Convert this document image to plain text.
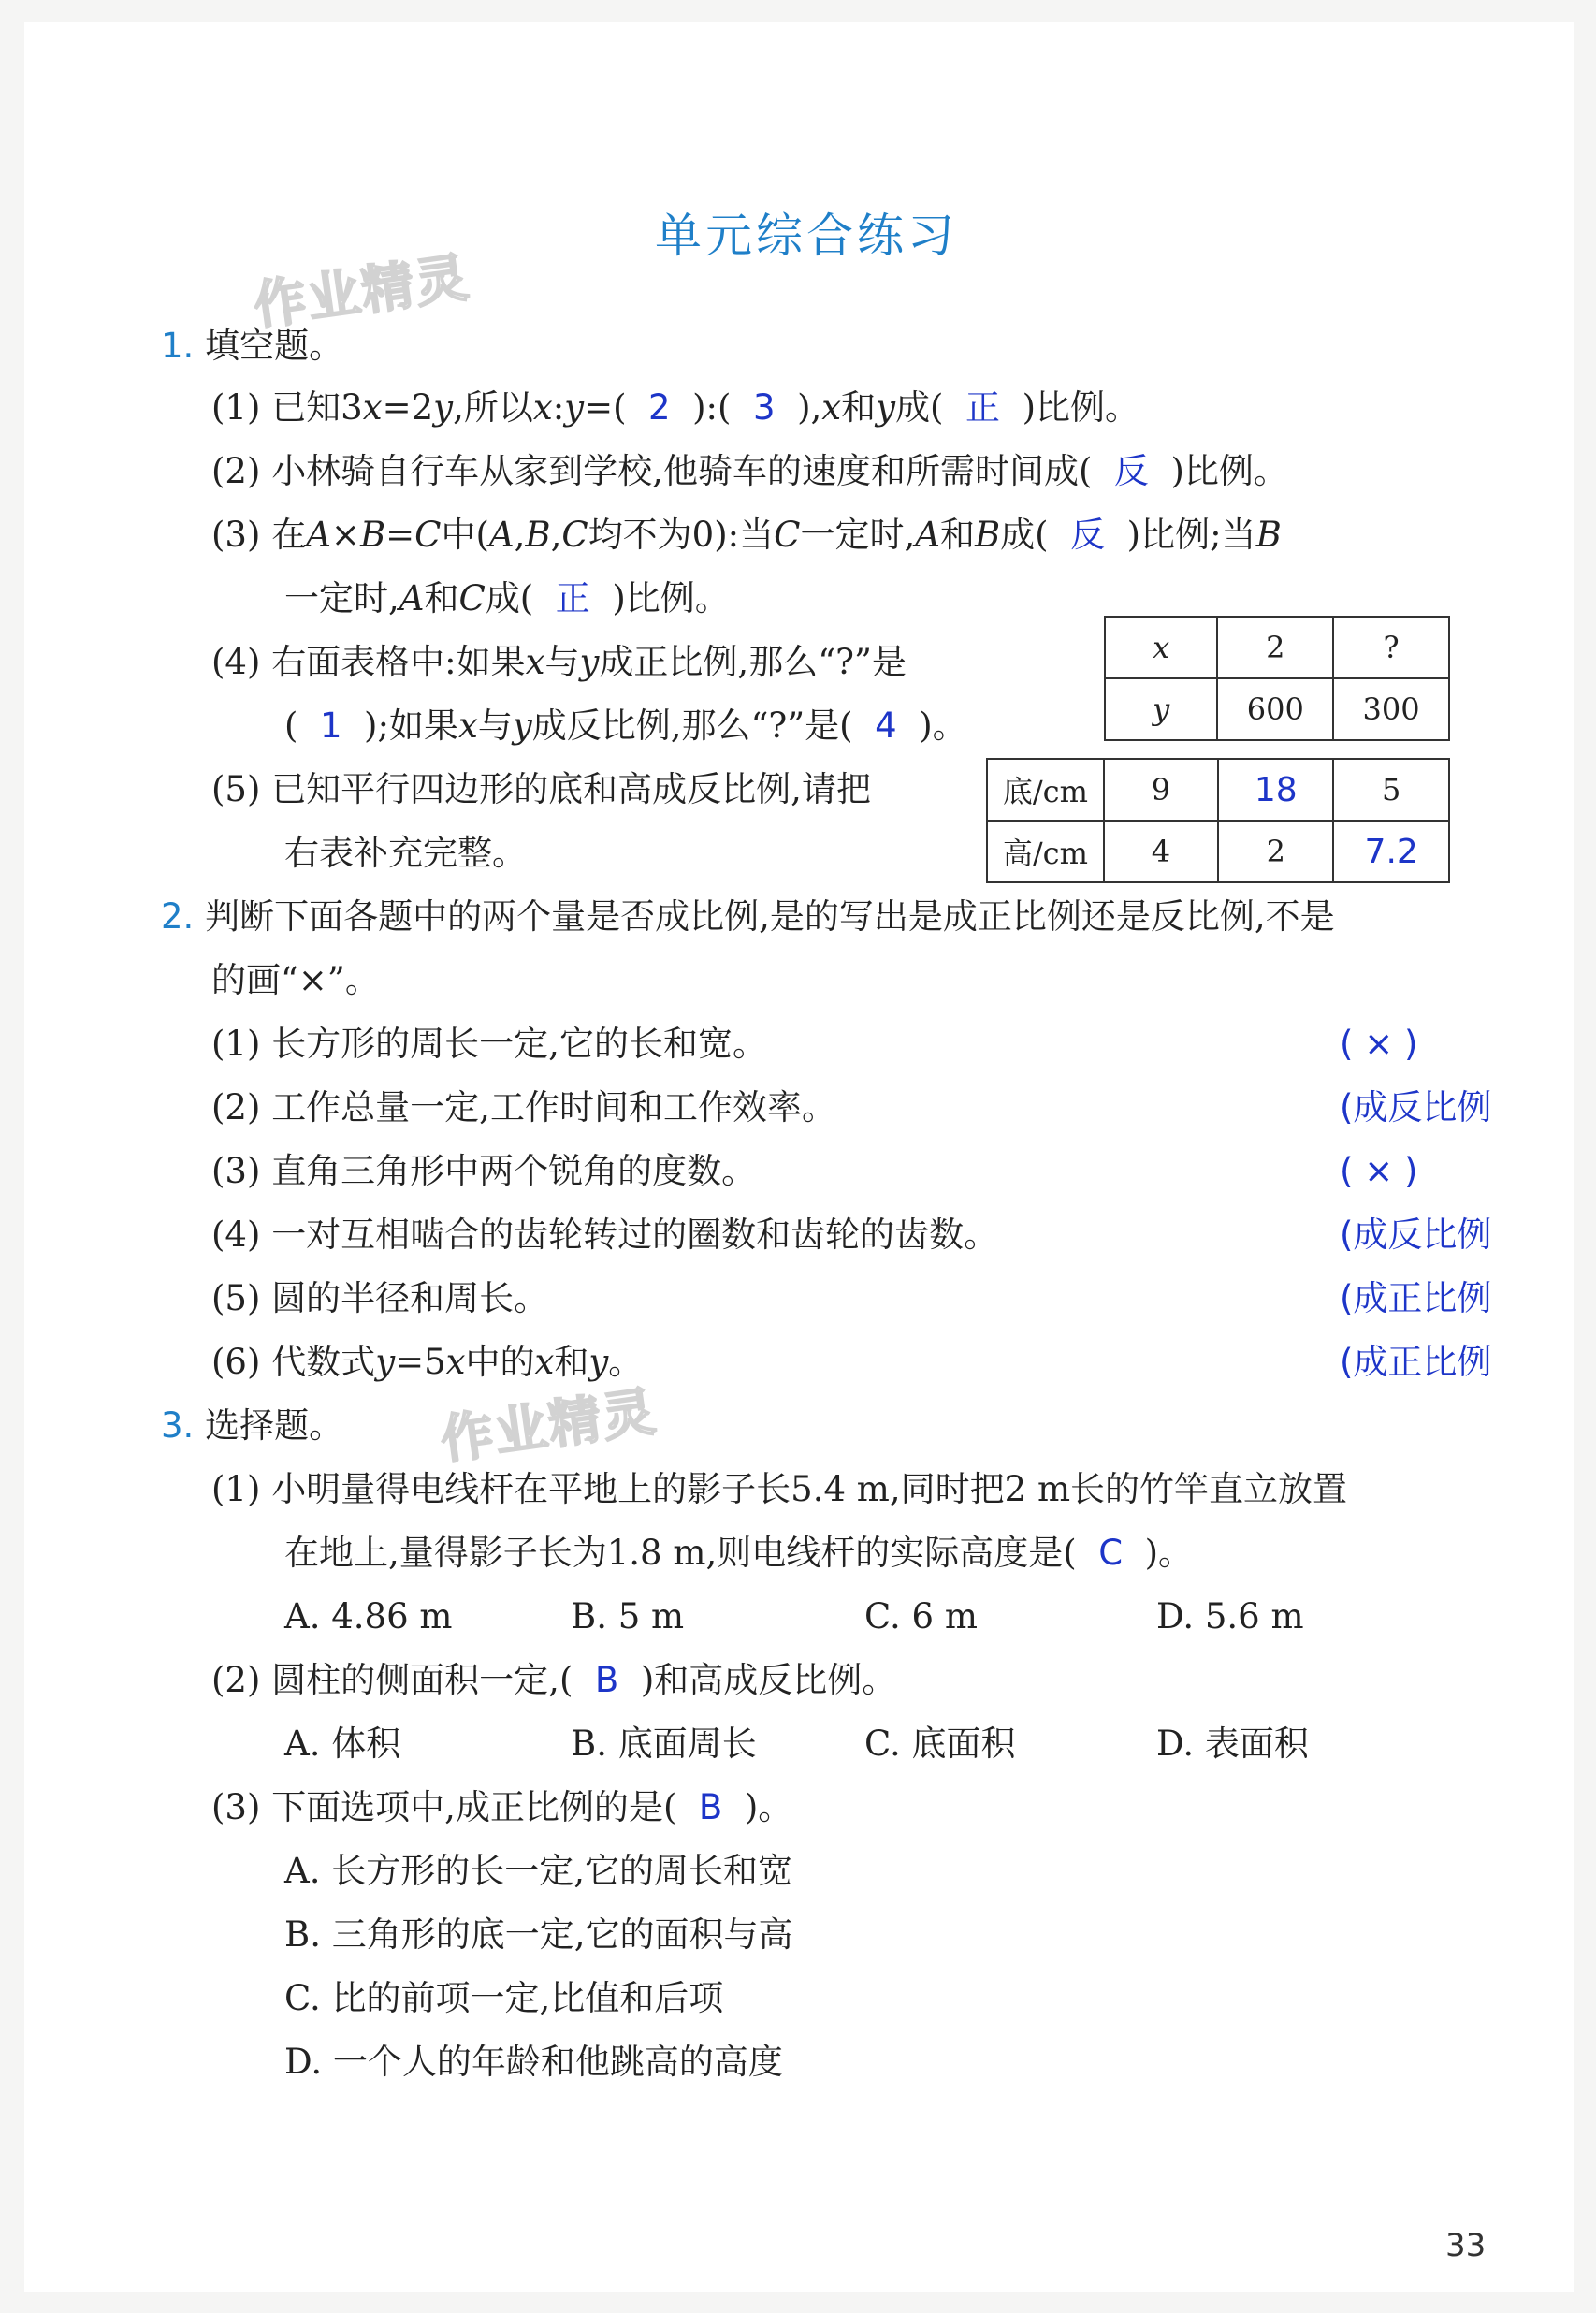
单元综合练习
作业精灵
作业精灵
1. 填空题。
(1) 已知3x=2y,所以x:y=( 2 ):( 3 ),x和y成( 正 )比例。
(2) 小林骑自行车从家到学校,他骑车的速度和所需时间成( 反 )比例。
(3) 在A×B=C中(A,B,C均不为0):当C一定时,A和B成( 反 )比例;当B
一定时,A和C成( 正 )比例。
(4) 右面表格中:如果x与y成正比例,那么“?”是
( 1 );如果x与y成反比例,那么“?”是( 4 )。
x	2	?
y	600	300
(5) 已知平行四边形的底和高成反比例,请把
右表补充完整。
底/cm	9	18	5
高/cm	4	2	7.2
2. 判断下面各题中的两个量是否成比例,是的写出是成正比例还是反比例,不是
的画“×”。
(1) 长方形的周长一定,它的长和宽。	( × )
(2) 工作总量一定,工作时间和工作效率。	(成反比例
(3) 直角三角形中两个锐角的度数。	( × )
(4) 一对互相啮合的齿轮转过的圈数和齿轮的齿数。	(成反比例
(5) 圆的半径和周长。	(成正比例
(6) 代数式y=5x中的x和y。	(成正比例
3. 选择题。
(1) 小明量得电线杆在平地上的影子长5.4 m,同时把2 m长的竹竿直立放置
在地上,量得影子长为1.8 m,则电线杆的实际高度是( C )。
A. 4.86 m	B. 5 m	C. 6 m	D. 5.6 m
(2) 圆柱的侧面积一定,( B )和高成反比例。
A. 体积	B. 底面周长	C. 底面积	D. 表面积
(3) 下面选项中,成正比例的是( B )。
A. 长方形的长一定,它的周长和宽
B. 三角形的底一定,它的面积与高
C. 比的前项一定,比值和后项
D. 一个人的年龄和他跳高的高度
33
